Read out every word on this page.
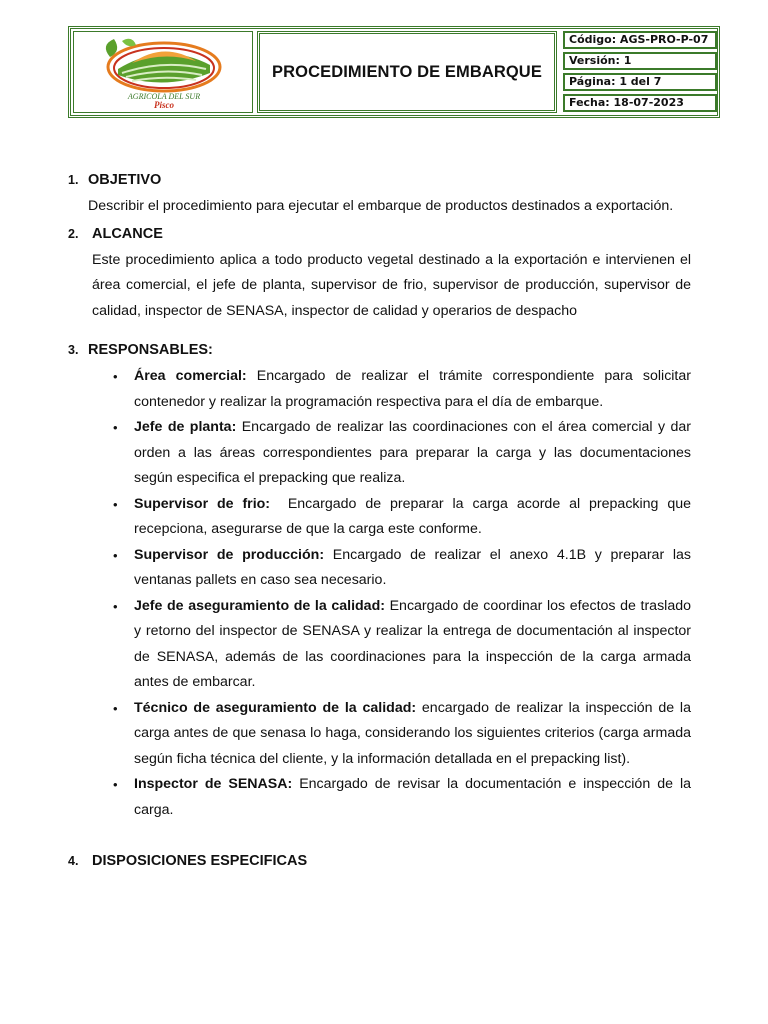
AGRICOLA DEL SUR
Pisco
PROCEDIMIENTO DE EMBARQUE
Código: AGS-PRO-P-07
Versión: 1
Página: 1 del 7
Fecha: 18-07-2023
1. OBJETIVO
Describir el procedimiento para ejecutar el embarque de productos destinados a exportación.
2. ALCANCE
Este procedimiento aplica a todo producto vegetal destinado a la exportación e intervienen el área comercial, el jefe de planta, supervisor de frio, supervisor de producción, supervisor de calidad, inspector de SENASA, inspector de calidad y operarios de despacho
3. RESPONSABLES:
• Área comercial: Encargado de realizar el trámite correspondiente para solicitar contenedor y realizar la programación respectiva para el día de embarque.
• Jefe de planta: Encargado de realizar las coordinaciones con el área comercial y dar orden a las áreas correspondientes para preparar la carga y las documentaciones según especifica el prepacking que realiza.
• Supervisor de frio:  Encargado de preparar la carga acorde al prepacking que recepciona, asegurarse de que la carga este conforme.
• Supervisor de producción: Encargado de realizar el anexo 4.1B y preparar las ventanas pallets en caso sea necesario.
• Jefe de aseguramiento de la calidad: Encargado de coordinar los efectos de traslado y retorno del inspector de SENASA y realizar la entrega de documentación al inspector de SENASA, además de las coordinaciones para la inspección de la carga armada antes de embarcar.
• Técnico de aseguramiento de la calidad: encargado de realizar la inspección de la carga antes de que senasa lo haga, considerando los siguientes criterios (carga armada según ficha técnica del cliente, y la información detallada en el prepacking list).
• Inspector de SENASA: Encargado de revisar la documentación e inspección de la carga.
4. DISPOSICIONES ESPECIFICAS
